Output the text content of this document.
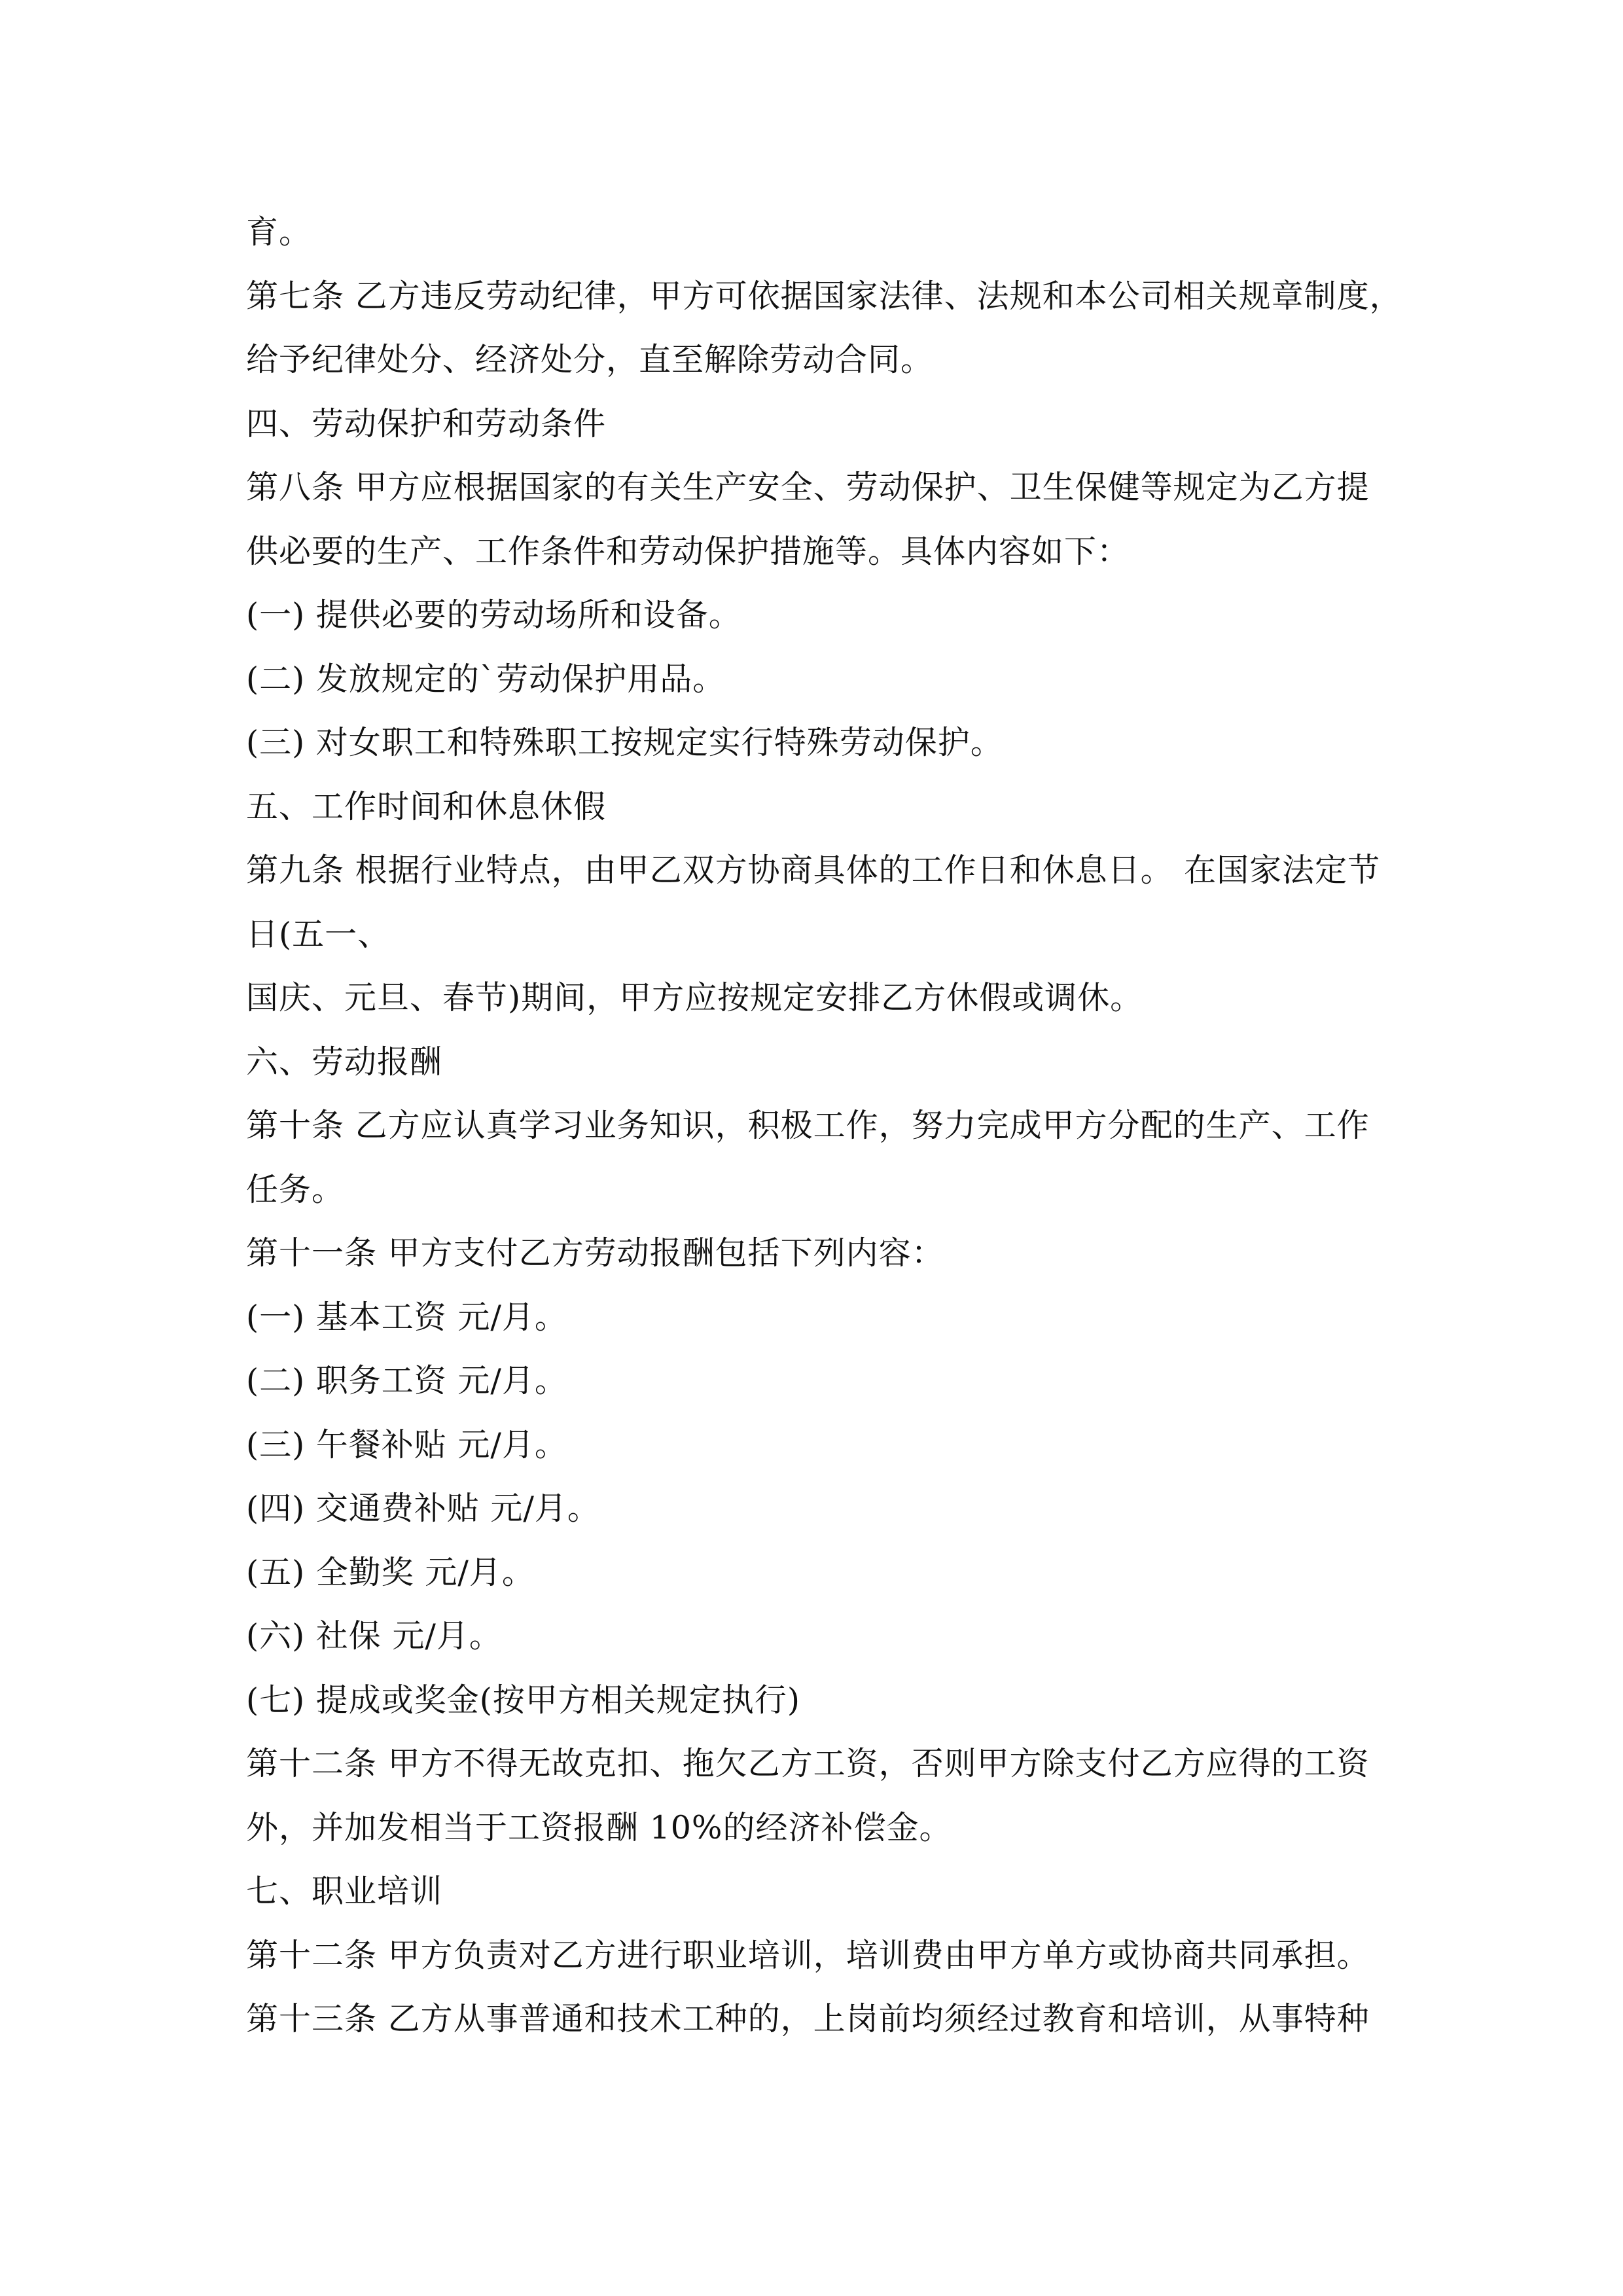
育。
第七条 乙方违反劳动纪律，甲方可依据国家法律、法规和本公司相关规章制度，
给予纪律处分、经济处分，直至解除劳动合同。
四、劳动保护和劳动条件
第八条 甲方应根据国家的有关生产安全、劳动保护、卫生保健等规定为乙方提
供必要的生产、工作条件和劳动保护措施等。具体内容如下：
(一) 提供必要的劳动场所和设备。
(二) 发放规定的`劳动保护用品。
(三) 对女职工和特殊职工按规定实行特殊劳动保护。
五、工作时间和休息休假
第九条 根据行业特点，由甲乙双方协商具体的工作日和休息日。 在国家法定节
日(五一、
国庆、元旦、春节)期间，甲方应按规定安排乙方休假或调休。
六、劳动报酬
第十条 乙方应认真学习业务知识，积极工作，努力完成甲方分配的生产、工作
任务。
第十一条 甲方支付乙方劳动报酬包括下列内容：
(一) 基本工资 元/月。
(二) 职务工资 元/月。
(三) 午餐补贴 元/月。
(四) 交通费补贴 元/月。
(五) 全勤奖 元/月。
(六) 社保 元/月。
(七) 提成或奖金(按甲方相关规定执行)
第十二条 甲方不得无故克扣、拖欠乙方工资，否则甲方除支付乙方应得的工资
外，并加发相当于工资报酬 10%的经济补偿金。
七、职业培训
第十二条 甲方负责对乙方进行职业培训，培训费由甲方单方或协商共同承担。
第十三条 乙方从事普通和技术工种的，上岗前均须经过教育和培训，从事特种
